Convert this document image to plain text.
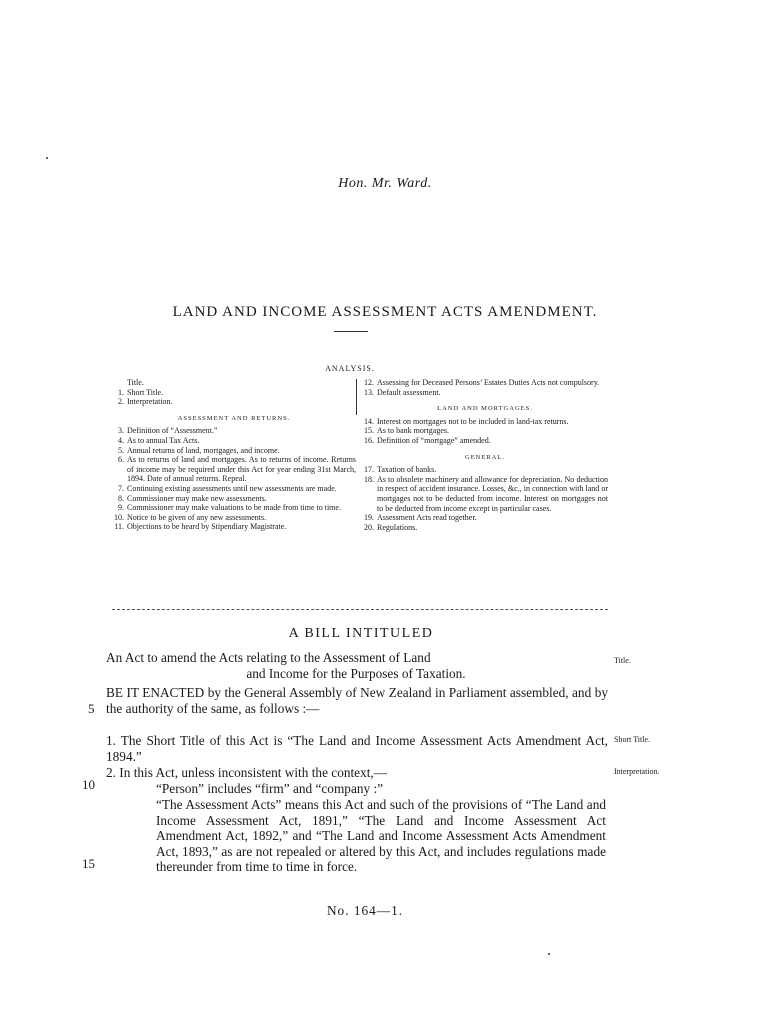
Hon. Mr. Ward.
LAND AND INCOME ASSESSMENT ACTS AMENDMENT.
ANALYSIS.
Title.
1. Short Title.
2. Interpretation.
ASSESSMENT AND RETURNS.
3. Definition of “Assessment.”
4. As to annual Tax Acts.
5. Annual returns of land, mortgages, and income.
6. As to returns of land and mortgages. As to returns of income. Returns of income may be required under this Act for year ending 31st March, 1894. Date of annual returns. Repeal.
7. Continuing existing assessments until new assessments are made.
8. Commissioner may make new assessments.
9. Commissioner may make valuations to be made from time to time.
10. Notice to be given of any new assessments.
11. Objections to be heard by Stipendiary Magistrate.
12. Assessing for Deceased Persons’ Estates Duties Acts not compulsory.
13. Default assessment.
LAND AND MORTGAGES.
14. Interest on mortgages not to be included in land-tax returns.
15. As to bank mortgages.
16. Definition of “mortgage” amended.
GENERAL.
17. Taxation of banks.
18. As to obsolete machinery and allowance for depreciation. No deduction in respect of accident insurance. Losses, &c., in connection with land or mortgages not to be deducted from income. Interest on mortgages not to be deducted from income except in particular cases.
19. Assessment Acts read together.
20. Regulations.
A BILL INTITULED
An Act to amend the Acts relating to the Assessment of Land
and Income for the Purposes of Taxation.
Title.
BE IT ENACTED by the General Assembly of New Zealand in Parliament assembled, and by the authority of the same, as follows :—
5
1. The Short Title of this Act is “The Land and Income Assessment Acts Amendment Act, 1894.”
Short Title.
2. In this Act, unless inconsistent with the context,—	Interpretation.
10	“Person” includes “firm” and “company :”
“The Assessment Acts” means this Act and such of the provisions of “The Land and Income Assessment Act, 1891,” “The Land and Income Assessment Act Amendment Act, 1892,” and “The Land and Income Assessment Acts Amendment Act, 1893,” as are not repealed or altered by this Act, and includes regulations made thereunder from time to time in force.
15
No. 164—1.
